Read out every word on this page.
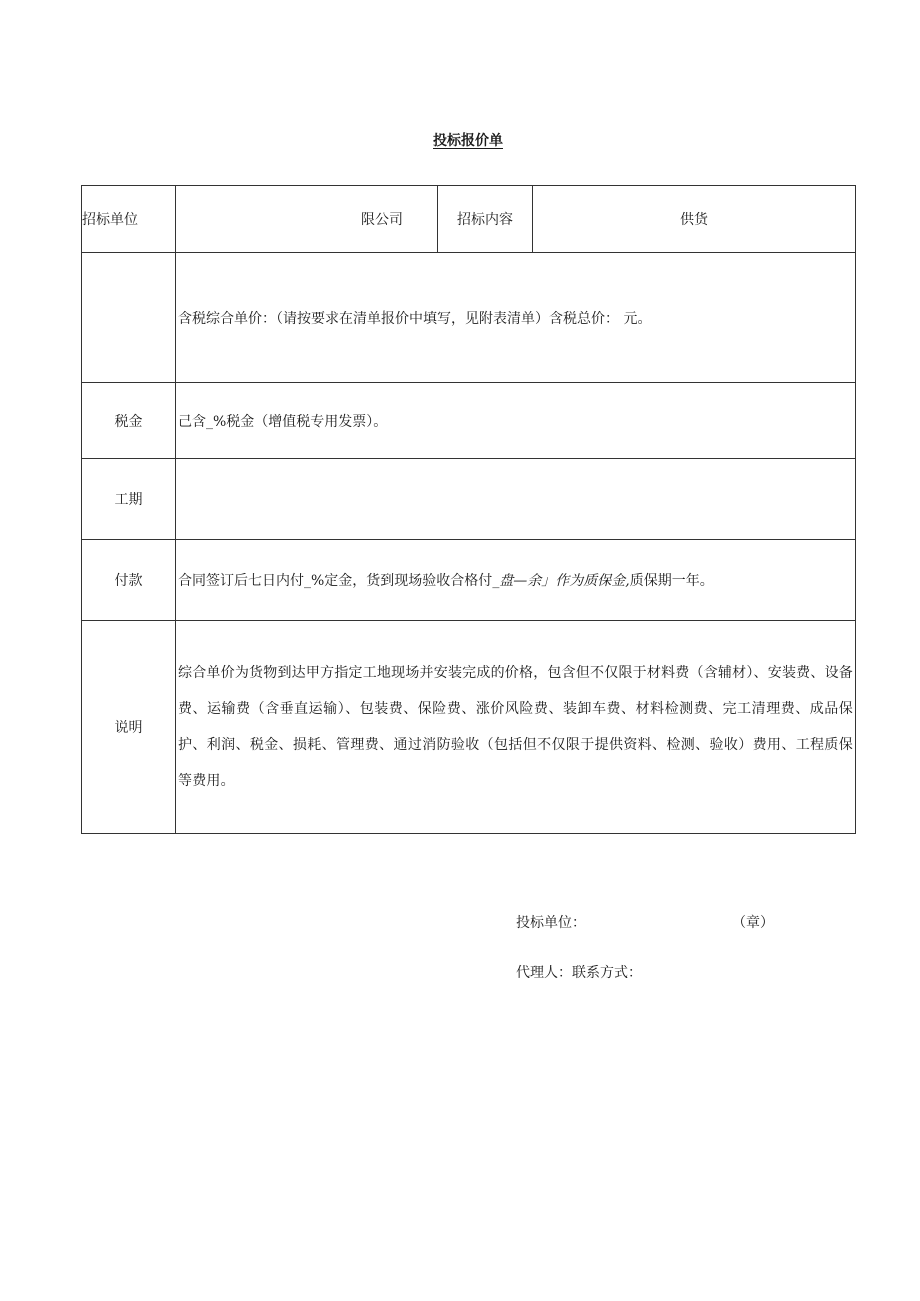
投标报价单
招标单位	限公司	招标内容	供货
	含税综合单价：（请按要求在清单报价中填写，见附表清单）含税总价： 元。		
税金	己含_%税金（增值税专用发票）。		
工期			
付款	合同签订后七日内付_%定金，货到现场验收合格付_盘—余」作为质保金,质保期一年。		
说明	综合单价为货物到达甲方指定工地现场并安装完成的价格，包含但不仅限于材料费（含辅材）、安装费、设备费、运输费（含垂直运输）、包装费、保险费、涨价风险费、装卸车费、材料检测费、完工清理费、成品保护、利润、税金、损耗、管理费、通过消防验收（包括但不仅限于提供资料、检测、验收）费用、工程质保等费用。		
投标单位：	（章）
代理人：联系方式：
